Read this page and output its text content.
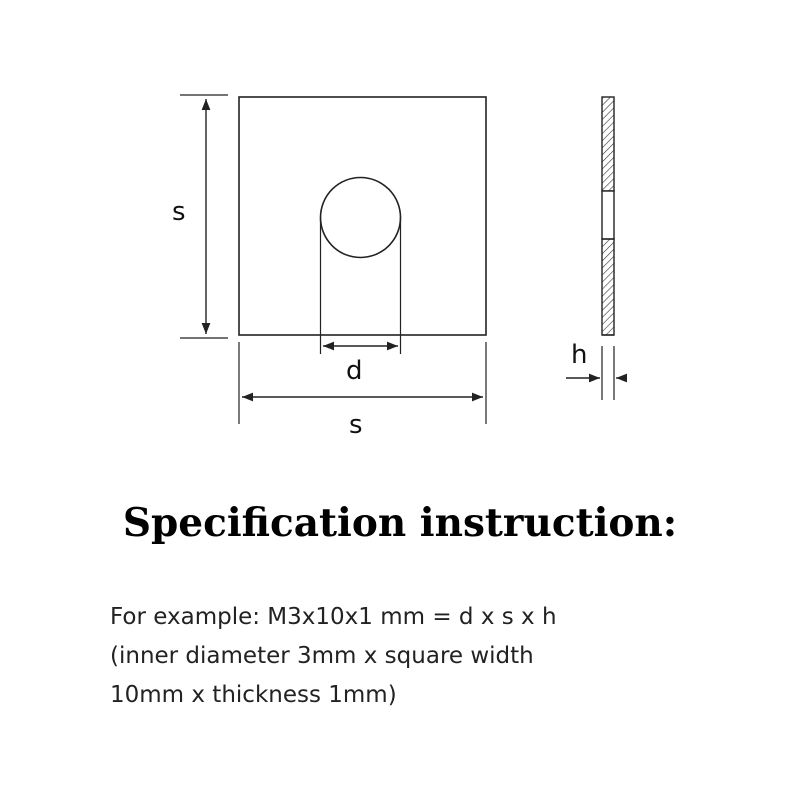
s
d
s
h
Specification instruction:
For example: M3x10x1 mm = d x s x h
(inner diameter 3mm x square width
10mm x thickness 1mm)
